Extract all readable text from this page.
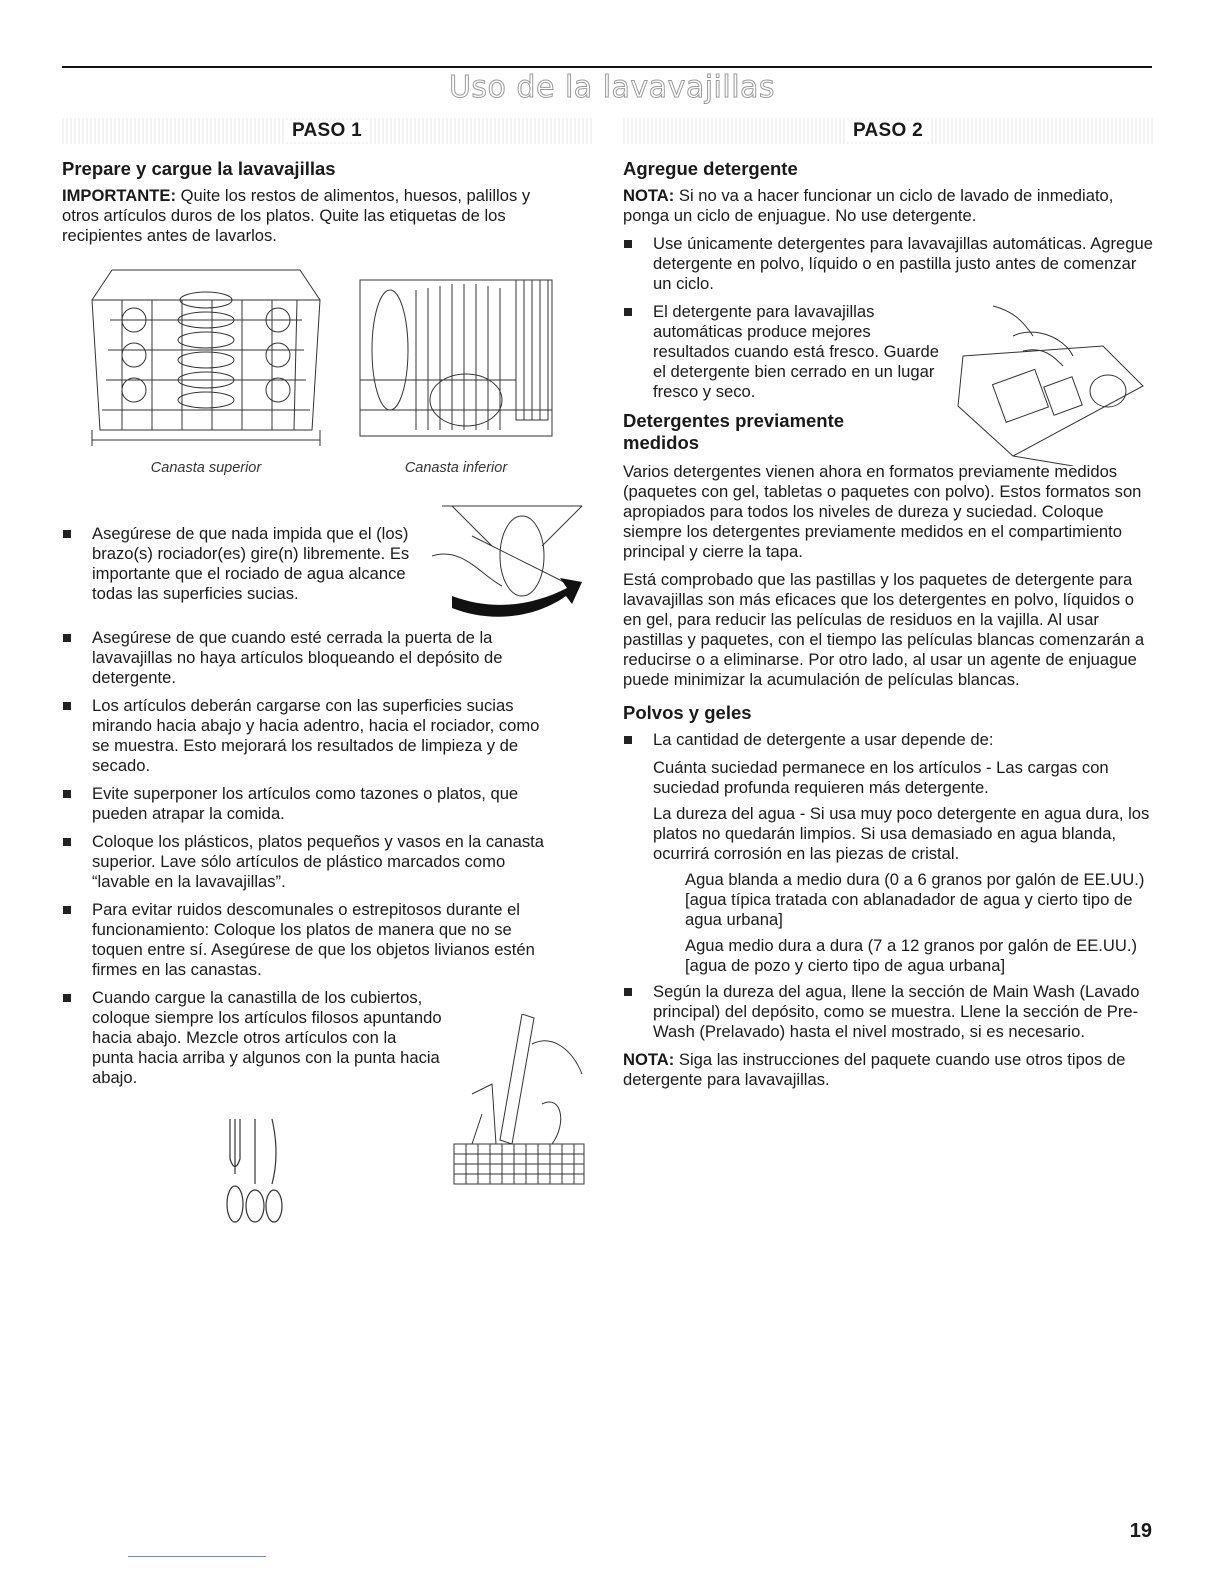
Uso de la lavavajillas
PASO 1	PASO 2
Prepare y cargue la lavavajillas

IMPORTANTE: Quite los restos de alimentos, huesos, palillos y otros artículos duros de los platos. Quite las etiquetas de los recipientes antes de lavarlos.

Canasta superior	Canasta inferior
Asegúrese de que nada impida que el (los) brazo(s) rociador(es) gire(n) libremente. Es importante que el rociado de agua alcance todas las superficies sucias.
Asegúrese de que cuando esté cerrada la puerta de la lavavajillas no haya artículos bloqueando el depósito de detergente.
Los artículos deberán cargarse con las superficies sucias mirando hacia abajo y hacia adentro, hacia el rociador, como se muestra. Esto mejorará los resultados de limpieza y de secado.
Evite superponer los artículos como tazones o platos, que pueden atrapar la comida.
Coloque los plásticos, platos pequeños y vasos en la canasta superior. Lave sólo artículos de plástico marcados como “lavable en la lavavajillas”.
Para evitar ruidos descomunales o estrepitosos durante el funcionamiento: Coloque los platos de manera que no se toquen entre sí. Asegúrese de que los objetos livianos estén firmes en las canastas.
Cuando cargue la canastilla de los cubiertos, coloque siempre los artículos filosos apuntando hacia abajo. Mezcle otros artículos con la punta hacia arriba y algunos con la punta hacia abajo.
Agregue detergente

NOTA: Si no va a hacer funcionar un ciclo de lavado de inmediato, ponga un ciclo de enjuague. No use detergente.

Use únicamente detergentes para lavavajillas automáticas. Agregue detergente en polvo, líquido o en pastilla justo antes de comenzar un ciclo.
El detergente para lavavajillas automáticas produce mejores resultados cuando está fresco. Guarde el detergente bien cerrado en un lugar fresco y seco.
Detergentes previamente medidos

Varios detergentes vienen ahora en formatos previamente medidos (paquetes con gel, tabletas o paquetes con polvo). Estos formatos son apropiados para todos los niveles de dureza y suciedad. Coloque siempre los detergentes previamente medidos en el compartimiento principal y cierre la tapa.

Está comprobado que las pastillas y los paquetes de detergente para lavavajillas son más eficaces que los detergentes en polvo, líquidos o en gel, para reducir las películas de residuos en la vajilla. Al usar pastillas y paquetes, con el tiempo las películas blancas comenzarán a reducirse o a eliminarse. Por otro lado, al usar un agente de enjuague puede minimizar la acumulación de películas blancas.

Polvos y geles
La cantidad de detergente a usar depende de:

Cuánta suciedad permanece en los artículos - Las cargas con suciedad profunda requieren más detergente.

La dureza del agua - Si usa muy poco detergente en agua dura, los platos no quedarán limpios. Si usa demasiado en agua blanda, ocurrirá corrosión en las piezas de cristal.

Agua blanda a medio dura (0 a 6 granos por galón de EE.UU.) [agua típica tratada con ablanadador de agua y cierto tipo de agua urbana]

Agua medio dura a dura (7 a 12 granos por galón de EE.UU.) [agua de pozo y cierto tipo de agua urbana]

Según la dureza del agua, llene la sección de Main Wash (Lavado principal) del depósito, como se muestra. Llene la sección de Pre-Wash (Prelavado) hasta el nivel mostrado, si es necesario.

NOTA: Siga las instrucciones del paquete cuando use otros tipos de detergente para lavavajillas.

19
